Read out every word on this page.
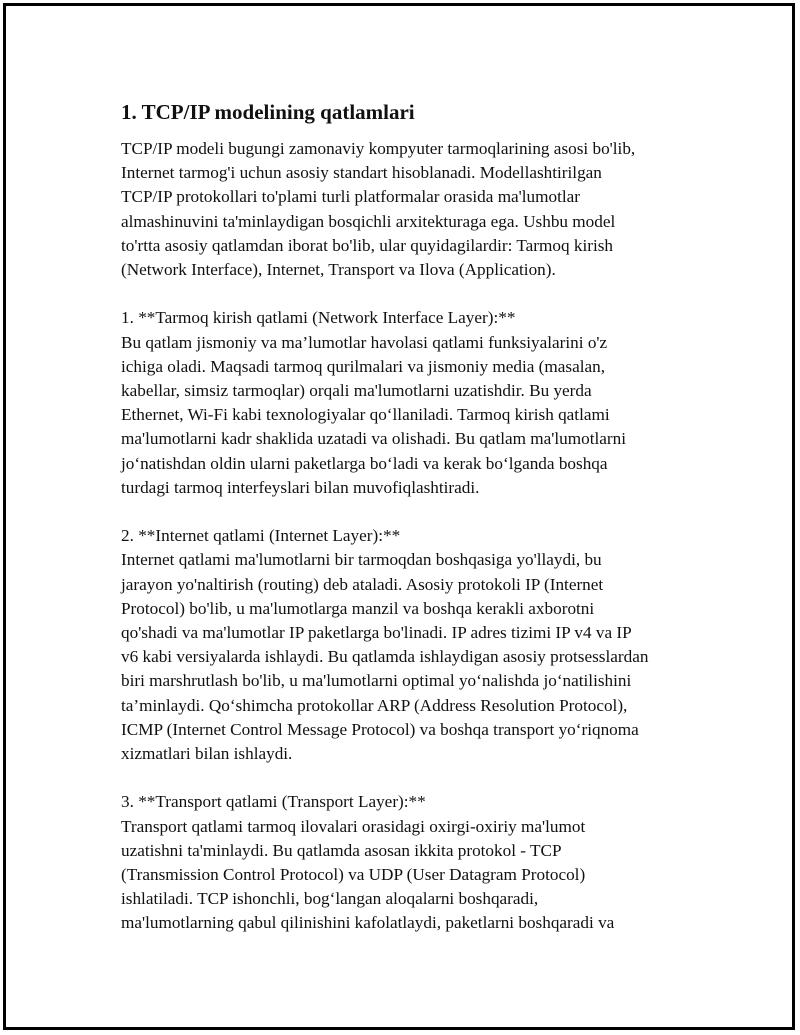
1. TCP/IP modelining qatlamlari
TCP/IP modeli bugungi zamonaviy kompyuter tarmoqlarining asosi bo'lib,
Internet tarmog'i uchun asosiy standart hisoblanadi. Modellashtirilgan
TCP/IP protokollari to'plami turli platformalar orasida ma'lumotlar
almashinuvini ta'minlaydigan bosqichli arxitekturaga ega. Ushbu model
to'rtta asosiy qatlamdan iborat bo'lib, ular quyidagilardir: Tarmoq kirish
(Network Interface), Internet, Transport va Ilova (Application).
1. **Tarmoq kirish qatlami (Network Interface Layer):**
Bu qatlam jismoniy va ma’lumotlar havolasi qatlami funksiyalarini o'z
ichiga oladi. Maqsadi tarmoq qurilmalari va jismoniy media (masalan,
kabellar, simsiz tarmoqlar) orqali ma'lumotlarni uzatishdir. Bu yerda
Ethernet, Wi-Fi kabi texnologiyalar qo‘llaniladi. Tarmoq kirish qatlami
ma'lumotlarni kadr shaklida uzatadi va olishadi. Bu qatlam ma'lumotlarni
jo‘natishdan oldin ularni paketlarga bo‘ladi va kerak bo‘lganda boshqa
turdagi tarmoq interfeyslari bilan muvofiqlashtiradi.
2. **Internet qatlami (Internet Layer):**
Internet qatlami ma'lumotlarni bir tarmoqdan boshqasiga yo'llaydi, bu
jarayon yo'naltirish (routing) deb ataladi. Asosiy protokoli IP (Internet
Protocol) bo'lib, u ma'lumotlarga manzil va boshqa kerakli axborotni
qo'shadi va ma'lumotlar IP paketlarga bo'linadi. IP adres tizimi IP v4 va IP
v6 kabi versiyalarda ishlaydi. Bu qatlamda ishlaydigan asosiy protsesslardan
biri marshrutlash bo'lib, u ma'lumotlarni optimal yo‘nalishda jo‘natilishini
ta’minlaydi. Qo‘shimcha protokollar ARP (Address Resolution Protocol),
ICMP (Internet Control Message Protocol) va boshqa transport yo‘riqnoma
xizmatlari bilan ishlaydi.
3. **Transport qatlami (Transport Layer):**
Transport qatlami tarmoq ilovalari orasidagi oxirgi-oxiriy ma'lumot
uzatishni ta'minlaydi. Bu qatlamda asosan ikkita protokol - TCP
(Transmission Control Protocol) va UDP (User Datagram Protocol)
ishlatiladi. TCP ishonchli, bog‘langan aloqalarni boshqaradi,
ma'lumotlarning qabul qilinishini kafolatlaydi, paketlarni boshqaradi va
